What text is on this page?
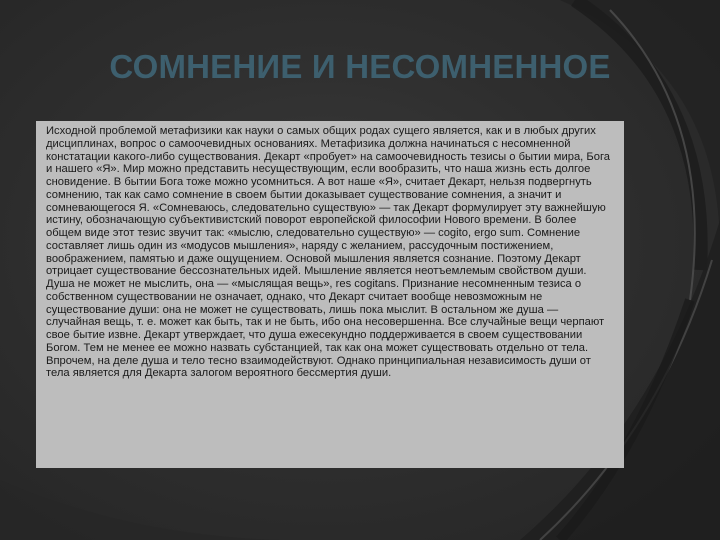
СОМНЕНИЕ И НЕСОМНЕННОЕ

Исходной проблемой метафизики как науки о самых общих родах сущего является, как и в любых других дисциплинах, вопрос о самоочевидных основаниях. Метафизика должна начинаться с несомненной констатации какого-либо существования. Декарт «пробует» на самоочевидность тезисы о бытии мира, Бога и нашего «Я». Мир можно представить несуществующим, если вообразить, что наша жизнь есть долгое сновидение. В бытии Бога тоже можно усомниться. А вот наше «Я», считает Декарт, нельзя подвергнуть сомнению, так как само сомнение в своем бытии доказывает существование сомнения, а значит и сомневающегося Я. «Сомневаюсь, следовательно существую» — так Декарт формулирует эту важнейшую истину, обозначающую субъективистский поворот европейской философии Нового времени. В более общем виде этот тезис звучит так: «мыслю, следовательно существую» — cogito, ergo sum. Сомнение составляет лишь один из «модусов мышления», наряду с желанием, рассудочным постижением, воображением, памятью и даже ощущением. Основой мышления является сознание. Поэтому Декарт отрицает существование бессознательных идей. Мышление является неотъемлемым свойством души. Душа не может не мыслить, она — «мыслящая вещь», res cogitans. Признание несомненным тезиса о собственном существовании не означает, однако, что Декарт считает вообще невозможным не существование души: она не может не существовать, лишь пока мыслит. В остальном же душа — случайная вещь, т. е. может как быть, так и не быть, ибо она несовершенна. Все случайные вещи черпают свое бытие извне. Декарт утверждает, что душа ежесекундно поддерживается в своем существовании Богом. Тем не менее ее можно назвать субстанцией, так как она может существовать отдельно от тела. Впрочем, на деле душа и тело тесно взаимодействуют. Однако принципиальная независимость души от тела является для Декарта залогом вероятного бессмертия души.
